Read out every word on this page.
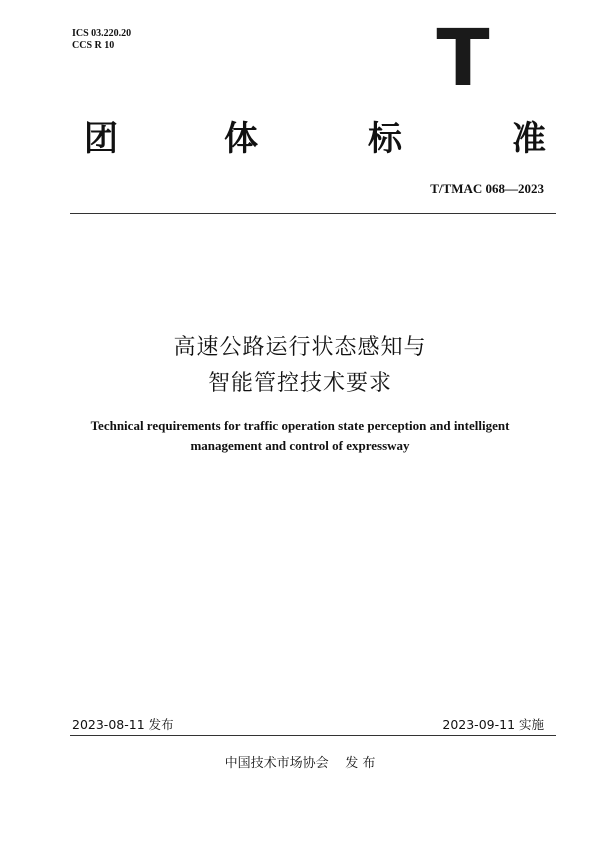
ICS 03.220.20
CCS R 10	T
团	体	标	准
T/TMAC 068—2023
高速公路运行状态感知与
智能管控技术要求
Technical requirements for traffic operation state perception and intelligent
management and control of expressway
2023-08-11 发布	2023-09-11 实施
中国技术市场协会 发 布
